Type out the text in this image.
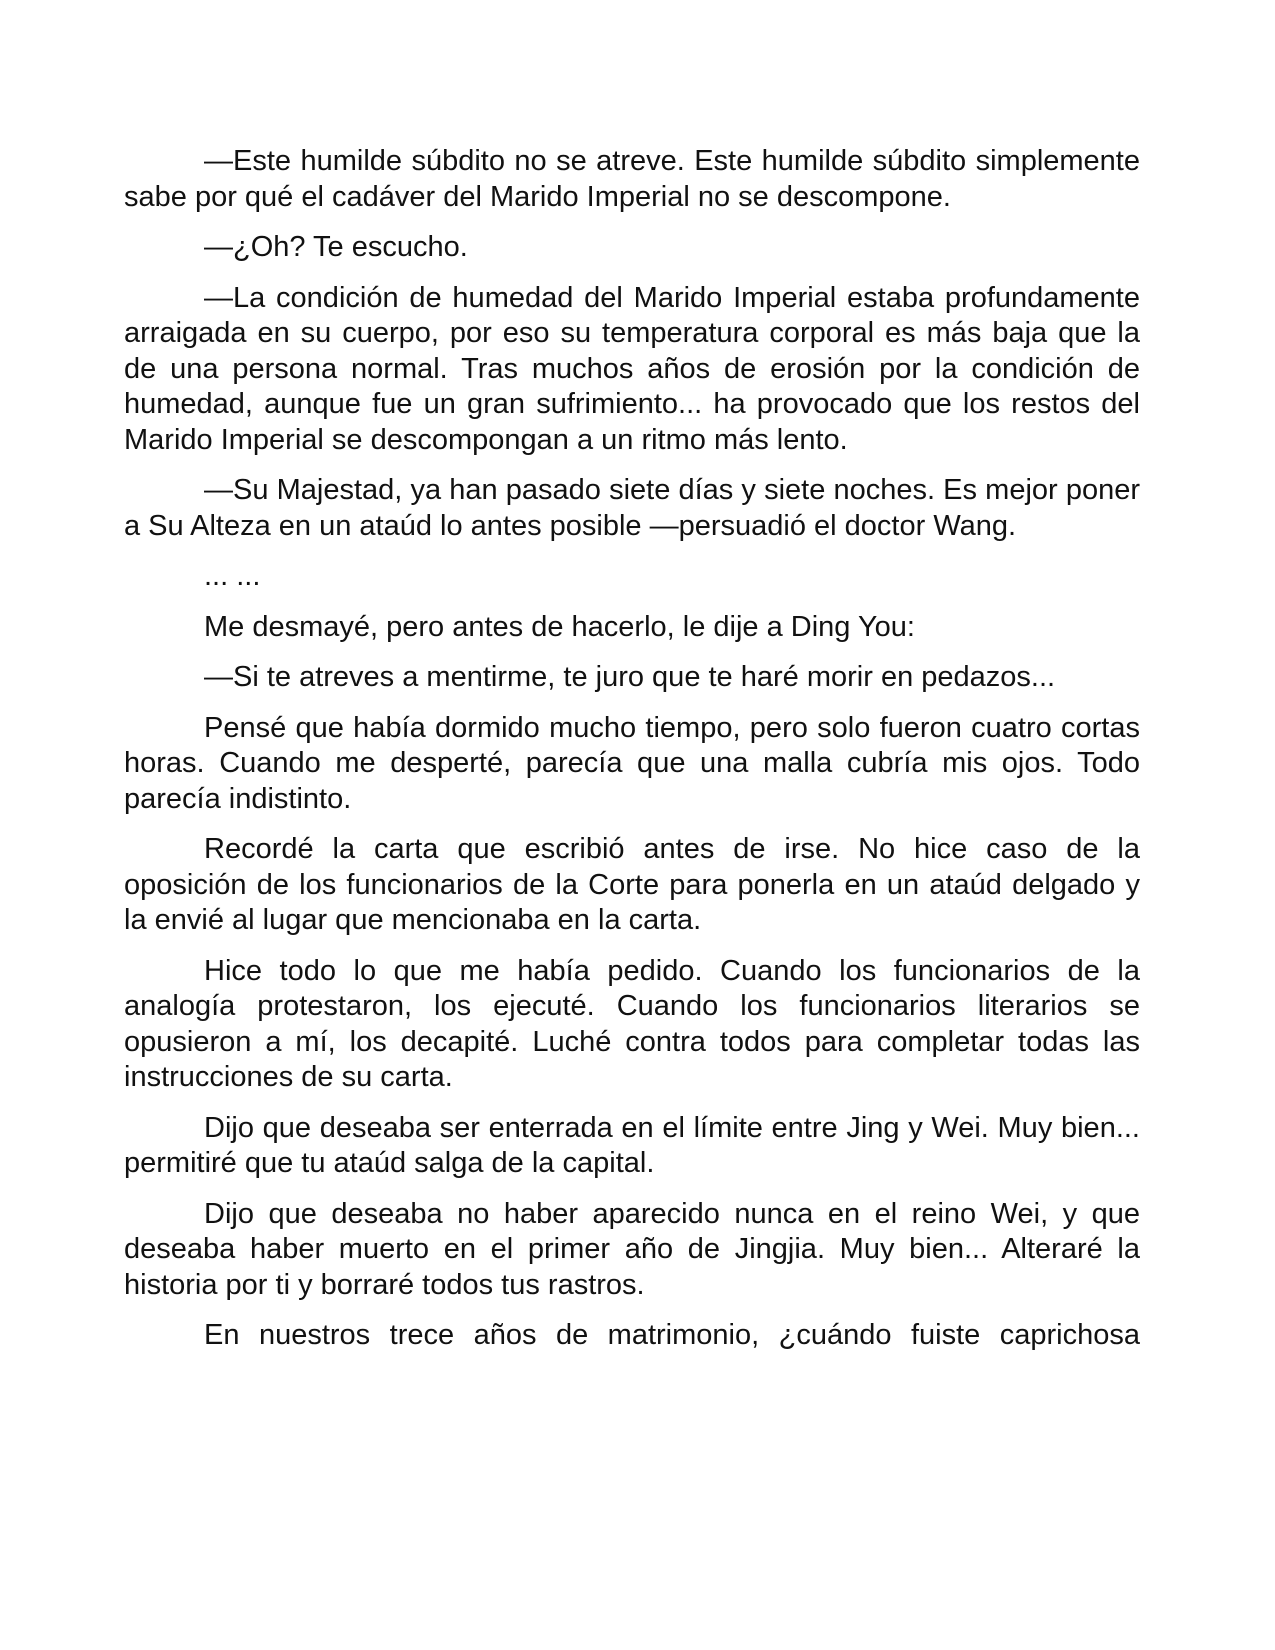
—Este humilde súbdito no se atreve. Este humilde súbdito simplemente sabe por qué el cadáver del Marido Imperial no se descompone.

—¿Oh? Te escucho.

—La condición de humedad del Marido Imperial estaba profundamente arraigada en su cuerpo, por eso su temperatura corporal es más baja que la de una persona normal. Tras muchos años de erosión por la condición de humedad, aunque fue un gran sufrimiento... ha provocado que los restos del Marido Imperial se descompongan a un ritmo más lento.

—Su Majestad, ya han pasado siete días y siete noches. Es mejor poner a Su Alteza en un ataúd lo antes posible —persuadió el doctor Wang.

... ...

Me desmayé, pero antes de hacerlo, le dije a Ding You:

—Si te atreves a mentirme, te juro que te haré morir en pedazos...

Pensé que había dormido mucho tiempo, pero solo fueron cuatro cortas horas. Cuando me desperté, parecía que una malla cubría mis ojos. Todo parecía indistinto.

Recordé la carta que escribió antes de irse. No hice caso de la oposición de los funcionarios de la Corte para ponerla en un ataúd delgado y la envié al lugar que mencionaba en la carta.

Hice todo lo que me había pedido. Cuando los funcionarios de la analogía protestaron, los ejecuté. Cuando los funcionarios literarios se opusieron a mí, los decapité. Luché contra todos para completar todas las instrucciones de su carta.

Dijo que deseaba ser enterrada en el límite entre Jing y Wei. Muy bien... permitiré que tu ataúd salga de la capital.

Dijo que deseaba no haber aparecido nunca en el reino Wei, y que deseaba haber muerto en el primer año de Jingjia. Muy bien... Alteraré la historia por ti y borraré todos tus rastros.

En nuestros trece años de matrimonio, ¿cuándo fuiste caprichosa
